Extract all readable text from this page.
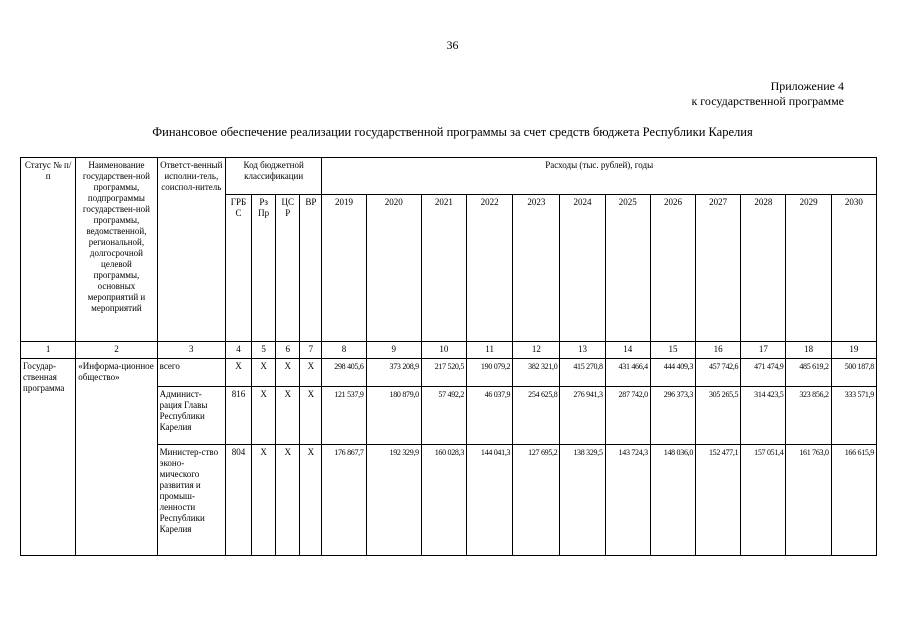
36
Приложение 4
к государственной программе
Финансовое обеспечение реализации государственной программы за счет средств бюджета Республики Карелия
Статус № п/п	Наименование государствен-ной программы, подпрограммы государствен-ной программы, ведомственной, региональной, долгосрочной целевой программы, основных мероприятий и мероприятий	Ответст-венный исполни-тель, соиспол-нитель	Код бюджетной классификации				Расходы (тыс. рублей), годы											
			ГРБ С	Рз Пр	ЦС Р	ВР	2019	2020	2021	2022	2023	2024	2025	2026	2027	2028	2029	2030
1	2	3	4	5	6	7	8	9	10	11	12	13	14	15	16	17	18	19
Государ-ственная программа	«Информа-ционное общество»	всего	X	X	X	X	298 405,6	373 208,9	217 520,5	190 079,2	382 321,0	415 270,8	431 466,4	444 409,3	457 742,6	471 474,9	485 619,2	500 187,8
		Админист-рация Главы Республики Карелия	816	X	X	X	121 537,9	180 879,0	57 492,2	46 037,9	254 625,8	276 941,3	287 742,0	296 373,3	305 265,5	314 423,5	323 856,2	333 571,9
		Министер-ство эконо-мического развития и промыш-ленности Республики Карелия	804	X	X	X	176 867,7	192 329,9	160 028,3	144 041,3	127 695,2	138 329,5	143 724,3	148 036,0	152 477,1	157 051,4	161 763,0	166 615,9
